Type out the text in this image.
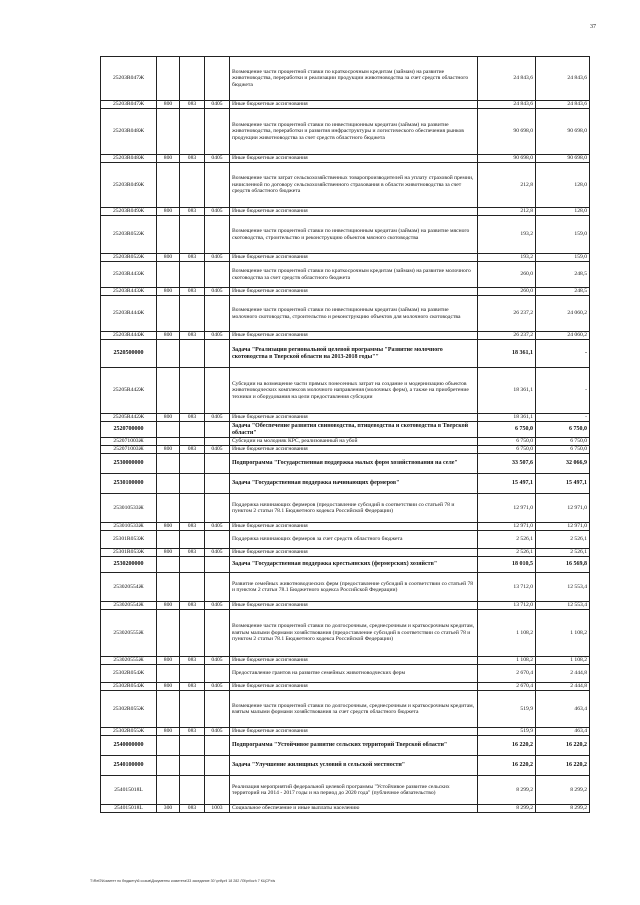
37
25203R047Ж				Возмещение части процентной ставки по краткосрочным кредитам (займам) на развитие животноводства, переработки и реализации продукции животноводства за счет средств областного бюджета	24 843,6	24 843,6
25203R047Ж	800	083	0405	Иные бюджетные ассигнования	24 843,6	24 843,6
25203R048Ж				Возмещение части процентной ставки по инвестиционным кредитам (займам) на развитие животноводства, переработки и развития инфраструктуры и логистического обеспечения рынков продукции животноводства за счет средств областного бюджета	90 698,0	90 698,0
25203R048Ж	800	083	0405	Иные бюджетные ассигнования	90 698,0	90 698,0
25203R049Ж				Возмещение части затрат сельскохозяйственных товаропроизводителей на уплату страховой премии, начисленной по договору сельскохозяйственного страхования в области животноводства за счет средств областного бюджета	212,8	128,0
25203R049Ж	800	083	0405	Иные бюджетные ассигнования	212,8	128,0
25203R052Ж				Возмещение части процентной ставки по инвестиционным кредитам (займам) на развитие мясного скотоводства, строительство и реконструкцию объектов мясного скотоводства	193,2	159,0
25203R052Ж	800	083	0405	Иные бюджетные ассигнования	193,2	159,0
25203R443Ж				Возмещение части процентной ставки по краткосрочным кредитам (займам) на развитие молочного скотоводства за счет средств областного бюджета	260,0	248,5
25203R443Ж	800	083	0405	Иные бюджетные ассигнования	260,0	248,5
25203R444Ж				Возмещение части процентной ставки по инвестиционным кредитам (займам) на развитие молочного скотоводства, строительство и реконструкцию объектов для молочного скотоводства	26 237,2	24 060,2
25203R444Ж	800	083	0405	Иные бюджетные ассигнования	26 237,2	24 060,2
2520500000				Задача "Реализация региональной целевой программы "Развитие молочного скотоводства в Тверской области на 2013-2018 годы""	18 361,1	-
25205R442Ж				Субсидии на возмещение части прямых понесенных затрат на создание и модернизацию объектов животноводческих комплексов молочного направления (молочных ферм), а также на приобретение техники и оборудования на цели предоставления субсидии	18 361,1	-
25205R442Ж	800	083	0405	Иные бюджетные ассигнования	18 361,1	-
2520700000				Задача "Обеспечение развития свиноводства, птицеводства и скотоводства в Тверской области"	6 750,0	6 750,0
252071003Ж				Субсидии на молодняк КРС, реализованный на убой	6 750,0	6 750,0
252071003Ж	800	083	0405	Иные бюджетные ассигнования	6 750,0	6 750,0
2530000000				Подпрограмма "Государственная поддержка малых форм хозяйствования на селе"	33 507,6	32 066,9
2530100000				Задача "Государственная поддержка начинающих фермеров"	15 497,1	15 497,1
253010533Ж				Поддержка начинающих фермеров (предоставление субсидий в соответствии со статьей 78 и пунктом 2 статьи 78.1 Бюджетного кодекса Российской Федерации)	12 971,0	12 971,0
253010533Ж	800	083	0405	Иные бюджетные ассигнования	12 971,0	12 971,0
25301R053Ж				Поддержка начинающих фермеров за счет средств областного бюджета	2 526,1	2 526,1
25301R053Ж	800	083	0405	Иные бюджетные ассигнования	2 526,1	2 526,1
2530200000				Задача "Государственная поддержка крестьянских (фермерских) хозяйств"	18 010,5	16 569,8
253020554Ж				Развитие семейных животноводческих ферм (предоставление субсидий в соответствии со статьей 78 и пунктом 2 статьи 78.1 Бюджетного кодекса Российской Федерации)	13 712,0	12 553,4
253020554Ж	800	083	0405	Иные бюджетные ассигнования	13 712,0	12 553,4
253020555Ж				Возмещение части процентной ставки по долгосрочным, среднесрочным и краткосрочным кредитам, взятым малыми формами хозяйствования (предоставление субсидий в соответствии со статьей 78 и пунктом 2 статьи 78.1 Бюджетного кодекса Российской Федерации)	1 108,2	1 108,2
253020555Ж	800	083	0405	Иные бюджетные ассигнования	1 108,2	1 108,2
25302R054Ж				Предоставление грантов на развитие семейных животноводческих ферм	2 670,4	2 444,8
25302R054Ж	800	083	0405	Иные бюджетные ассигнования	2 670,4	2 444,8
25302R055Ж				Возмещение части процентной ставки по долгосрочным, среднесрочным и краткосрочным кредитам, взятым малыми формами хозяйствования за счет средств областного бюджета	519,9	463,4
25302R055Ж	800	083	0405	Иные бюджетные ассигнования	519,9	463,4
2540000000				Подпрограмма "Устойчивое развитие сельских территорий Тверской области"	16 220,2	16 220,2
2540100000				Задача "Улучшение жилищных условий в сельской местности"	16 220,2	16 220,2
254015018L				Реализация мероприятий федеральной целевой программы "Устойчивое развитие сельских территорий на 2014 - 2017 годы и на период до 2020 года" (публичное обязательство)	8 299,2	8 299,2
254015018L	300	083	1003	Социальное обеспечение и иные выплаты населению	8 299,2	8 299,2
T:\Ref2\Комитет по бюджету\6 созыв\Документы комитета\33 заседание 30 \pril\pril 18 282 ЛЭ\prilozh 7 КЦСР.xls
